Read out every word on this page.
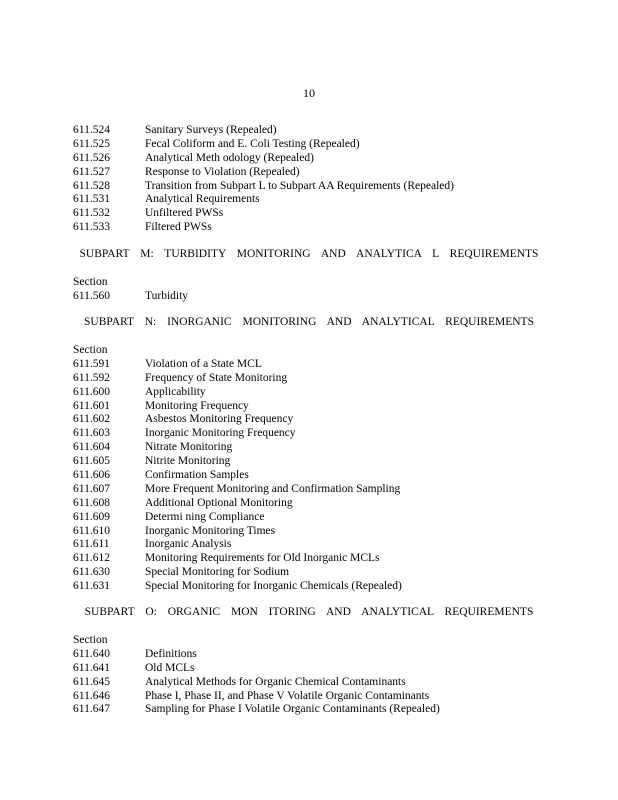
10
611.524	Sanitary Surveys (Repealed)
611.525	Fecal Coliform and E. Coli Testing (Repealed)
611.526	Analytical Meth odology (Repealed)
611.527	Response to Violation (Repealed)
611.528	Transition from Subpart L to Subpart AA Requirements (Repealed)
611.531	Analytical Requirements
611.532	Unfiltered PWSs
611.533	Filtered PWSs
SUBPART M: TURBIDITY MONITORING AND ANALYTICA L REQUIREMENTS
Section
611.560	Turbidity
SUBPART N: INORGANIC MONITORING AND ANALYTICAL REQUIREMENTS
Section
611.591	Violation of a State MCL
611.592	Frequency of State Monitoring
611.600	Applicability
611.601	Monitoring Frequency
611.602	Asbestos Monitoring Frequency
611.603	Inorganic Monitoring Frequency
611.604	Nitrate Monitoring
611.605	Nitrite Monitoring
611.606	Confirmation Samples
611.607	More Frequent Monitoring and Confirmation Sampling
611.608	Additional Optional Monitoring
611.609	Determi ning Compliance
611.610	Inorganic Monitoring Times
611.611	Inorganic Analysis
611.612	Monitoring Requirements for Old Inorganic MCLs
611.630	Special Monitoring for Sodium
611.631	Special Monitoring for Inorganic Chemicals (Repealed)
SUBPART O: ORGANIC MON ITORING AND ANALYTICAL REQUIREMENTS
Section
611.640	Definitions
611.641	Old MCLs
611.645	Analytical Methods for Organic Chemical Contaminants
611.646	Phase I, Phase II, and Phase V Volatile Organic Contaminants
611.647	Sampling for Phase I Volatile Organic Contaminants (Repealed)
